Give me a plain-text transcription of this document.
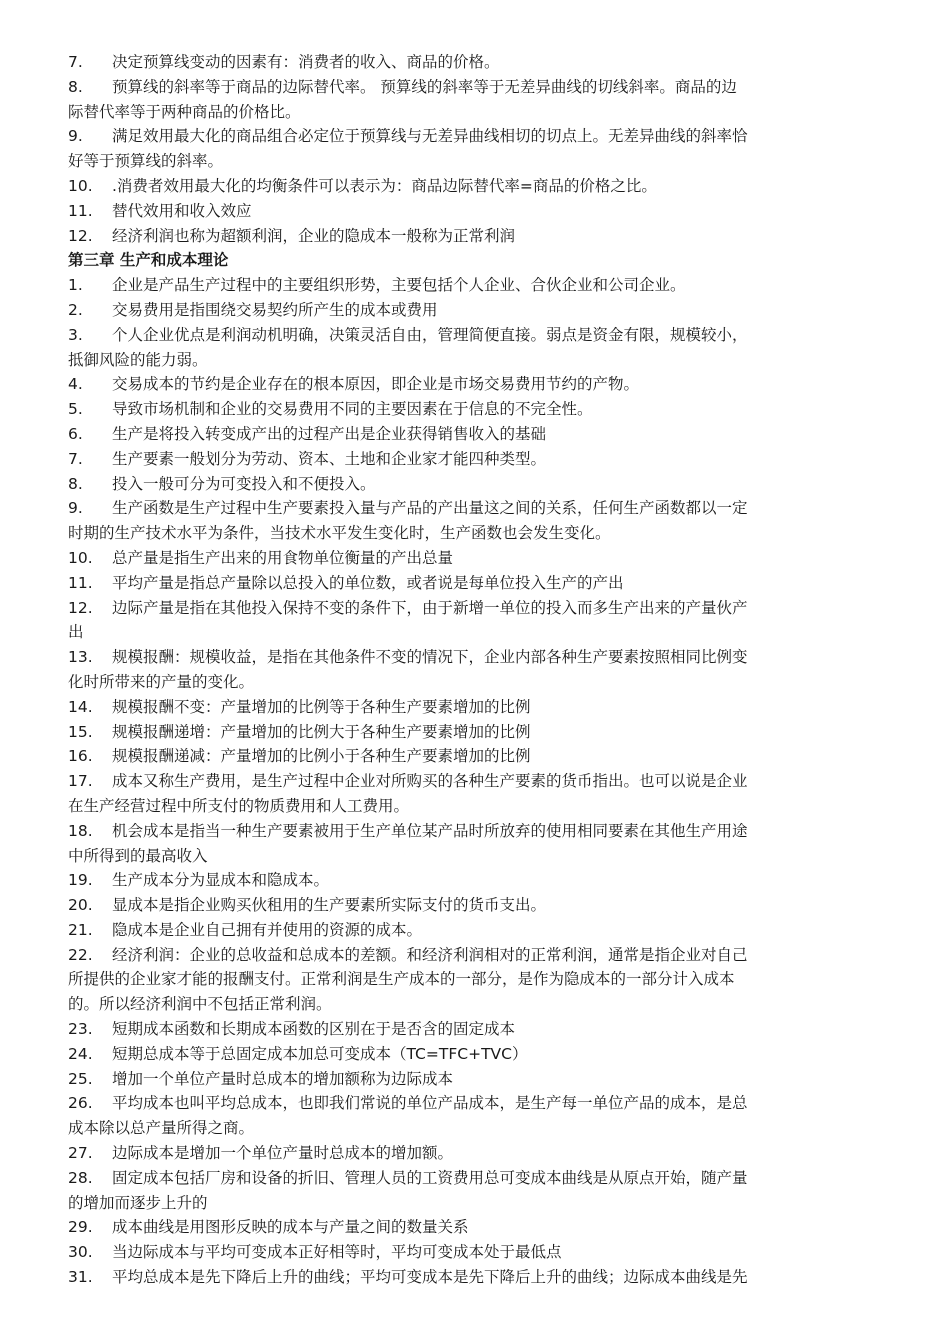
7. 决定预算线变动的因素有：消费者的收入、商品的价格。
8. 预算线的斜率等于商品的边际替代率。 预算线的斜率等于无差异曲线的切线斜率。商品的边
际替代率等于两种商品的价格比。
9. 满足效用最大化的商品组合必定位于预算线与无差异曲线相切的切点上。无差异曲线的斜率恰
好等于预算线的斜率。
10. .消费者效用最大化的均衡条件可以表示为：商品边际替代率=商品的价格之比。
11. 替代效用和收入效应
12. 经济利润也称为超额利润，企业的隐成本一般称为正常利润
第三章 生产和成本理论
1. 企业是产品生产过程中的主要组织形势，主要包括个人企业、合伙企业和公司企业。
2. 交易费用是指围绕交易契约所产生的成本或费用
3. 个人企业优点是利润动机明确，决策灵活自由，管理简便直接。弱点是资金有限，规模较小，
抵御风险的能力弱。
4. 交易成本的节约是企业存在的根本原因，即企业是市场交易费用节约的产物。
5. 导致市场机制和企业的交易费用不同的主要因素在于信息的不完全性。
6. 生产是将投入转变成产出的过程产出是企业获得销售收入的基础
7. 生产要素一般划分为劳动、资本、土地和企业家才能四种类型。
8. 投入一般可分为可变投入和不便投入。
9. 生产函数是生产过程中生产要素投入量与产品的产出量这之间的关系，任何生产函数都以一定
时期的生产技术水平为条件，当技术水平发生变化时，生产函数也会发生变化。
10. 总产量是指生产出来的用食物单位衡量的产出总量
11. 平均产量是指总产量除以总投入的单位数，或者说是每单位投入生产的产出
12. 边际产量是指在其他投入保持不变的条件下，由于新增一单位的投入而多生产出来的产量伙产
出
13. 规模报酬：规模收益，是指在其他条件不变的情况下，企业内部各种生产要素按照相同比例变
化时所带来的产量的变化。
14. 规模报酬不变：产量增加的比例等于各种生产要素增加的比例
15. 规模报酬递增：产量增加的比例大于各种生产要素增加的比例
16. 规模报酬递减：产量增加的比例小于各种生产要素增加的比例
17. 成本又称生产费用，是生产过程中企业对所购买的各种生产要素的货币指出。也可以说是企业
在生产经营过程中所支付的物质费用和人工费用。
18. 机会成本是指当一种生产要素被用于生产单位某产品时所放弃的使用相同要素在其他生产用途
中所得到的最高收入
19. 生产成本分为显成本和隐成本。
20. 显成本是指企业购买伙租用的生产要素所实际支付的货币支出。
21. 隐成本是企业自己拥有并使用的资源的成本。
22. 经济利润：企业的总收益和总成本的差额。和经济利润相对的正常利润，通常是指企业对自己
所提供的企业家才能的报酬支付。正常利润是生产成本的一部分，是作为隐成本的一部分计入成本
的。所以经济利润中不包括正常利润。
23. 短期成本函数和长期成本函数的区别在于是否含的固定成本
24. 短期总成本等于总固定成本加总可变成本（TC=TFC+TVC）
25. 增加一个单位产量时总成本的增加额称为边际成本
26. 平均成本也叫平均总成本，也即我们常说的单位产品成本，是生产每一单位产品的成本，是总
成本除以总产量所得之商。
27. 边际成本是增加一个单位产量时总成本的增加额。
28. 固定成本包括厂房和设备的折旧、管理人员的工资费用总可变成本曲线是从原点开始，随产量
的增加而逐步上升的
29. 成本曲线是用图形反映的成本与产量之间的数量关系
30. 当边际成本与平均可变成本正好相等时，平均可变成本处于最低点
31. 平均总成本是先下降后上升的曲线；平均可变成本是先下降后上升的曲线；边际成本曲线是先
